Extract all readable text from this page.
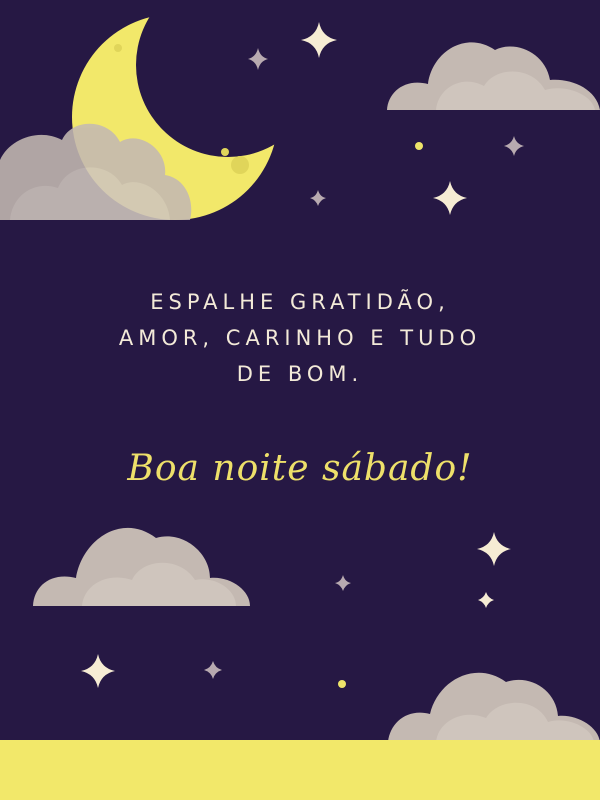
ESPALHE GRATIDÃO,
AMOR, CARINHO E TUDO
DE BOM.
Boa noite sábado!
